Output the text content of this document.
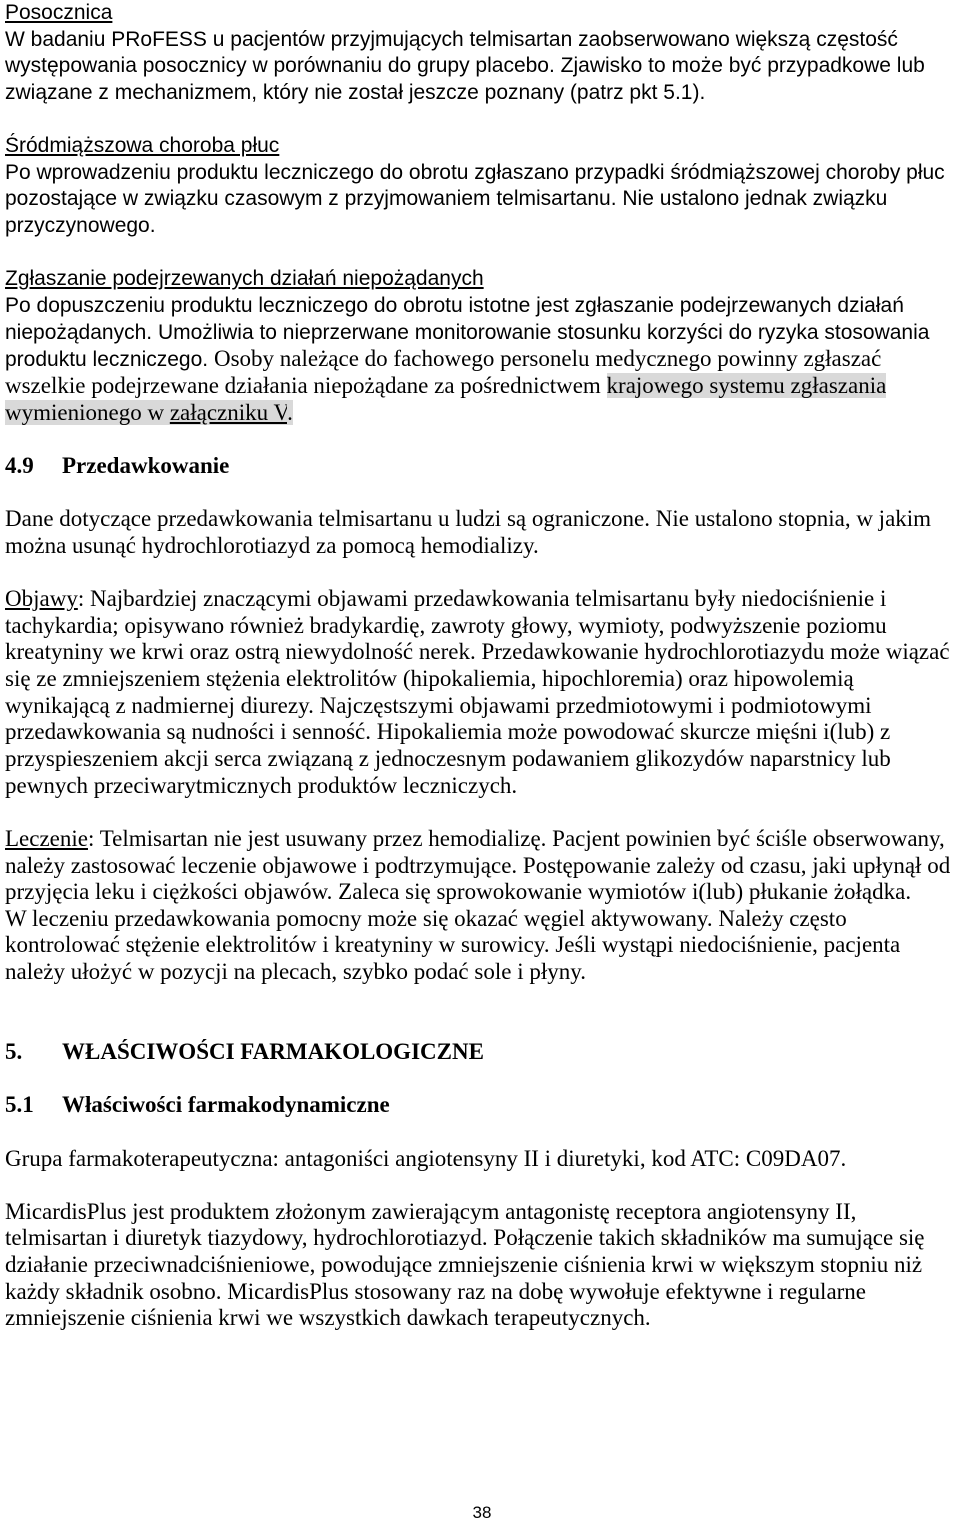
Posocznica
W badaniu PRoFESS u pacjentów przyjmujących telmisartan zaobserwowano większą częstość
występowania posocznicy w porównaniu do grupy placebo. Zjawisko to może być przypadkowe lub
związane z mechanizmem, który nie został jeszcze poznany (patrz pkt 5.1).
Śródmiąższowa choroba płuc
Po wprowadzeniu produktu leczniczego do obrotu zgłaszano przypadki śródmiąższowej choroby płuc
pozostające w związku czasowym z przyjmowaniem telmisartanu. Nie ustalono jednak związku
przyczynowego.
Zgłaszanie podejrzewanych działań niepożądanych
Po dopuszczeniu produktu leczniczego do obrotu istotne jest zgłaszanie podejrzewanych działań
niepożądanych. Umożliwia to nieprzerwane monitorowanie stosunku korzyści do ryzyka stosowania
produktu leczniczego. Osoby należące do fachowego personelu medycznego powinny zgłaszać
wszelkie podejrzewane działania niepożądane za pośrednictwem krajowego systemu zgłaszania
wymienionego w załączniku V.
4.9 Przedawkowanie
Dane dotyczące przedawkowania telmisartanu u ludzi są ograniczone. Nie ustalono stopnia, w jakim
można usunąć hydrochlorotiazyd za pomocą hemodializy.
Objawy: Najbardziej znaczącymi objawami przedawkowania telmisartanu były niedociśnienie i
tachykardia; opisywano również bradykardię, zawroty głowy, wymioty, podwyższenie poziomu
kreatyniny we krwi oraz ostrą niewydolność nerek. Przedawkowanie hydrochlorotiazydu może wiązać
się ze zmniejszeniem stężenia elektrolitów (hipokaliemia, hipochloremia) oraz hipowolemią
wynikającą z nadmiernej diurezy. Najczęstszymi objawami przedmiotowymi i podmiotowymi
przedawkowania są nudności i senność. Hipokaliemia może powodować skurcze mięśni i(lub) z
przyspieszeniem akcji serca związaną z jednoczesnym podawaniem glikozydów naparstnicy lub
pewnych przeciwarytmicznych produktów leczniczych.
Leczenie: Telmisartan nie jest usuwany przez hemodializę. Pacjent powinien być ściśle obserwowany,
należy zastosować leczenie objawowe i podtrzymujące. Postępowanie zależy od czasu, jaki upłynął od
przyjęcia leku i ciężkości objawów. Zaleca się sprowokowanie wymiotów i(lub) płukanie żołądka.
W leczeniu przedawkowania pomocny może się okazać węgiel aktywowany. Należy często
kontrolować stężenie elektrolitów i kreatyniny w surowicy. Jeśli wystąpi niedociśnienie, pacjenta
należy ułożyć w pozycji na plecach, szybko podać sole i płyny.
5. WŁAŚCIWOŚCI FARMAKOLOGICZNE
5.1 Właściwości farmakodynamiczne
Grupa farmakoterapeutyczna: antagoniści angiotensyny II i diuretyki, kod ATC: C09DA07.
MicardisPlus jest produktem złożonym zawierającym antagonistę receptora angiotensyny II,
telmisartan i diuretyk tiazydowy, hydrochlorotiazyd. Połączenie takich składników ma sumujące się
działanie przeciwnadciśnieniowe, powodujące zmniejszenie ciśnienia krwi w większym stopniu niż
każdy składnik osobno. MicardisPlus stosowany raz na dobę wywołuje efektywne i regularne
zmniejszenie ciśnienia krwi we wszystkich dawkach terapeutycznych.
38
